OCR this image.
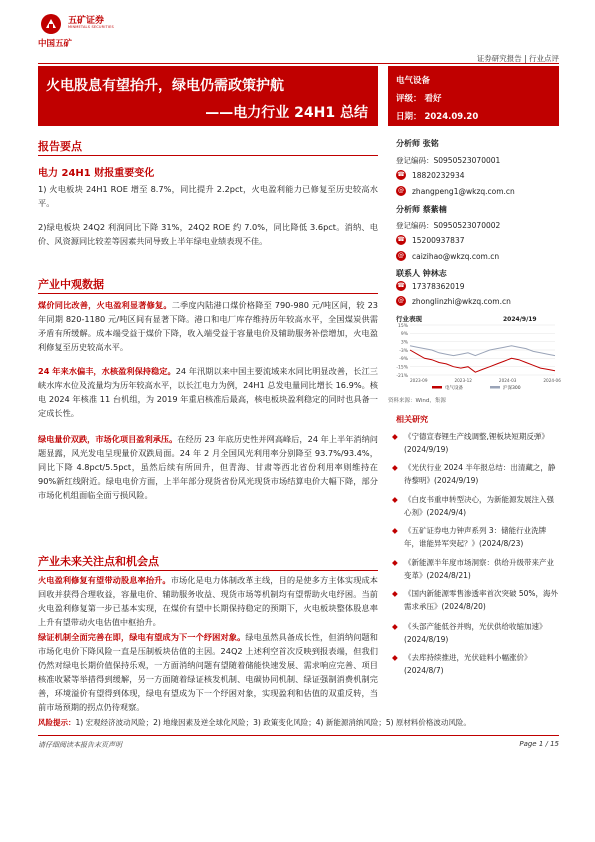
中国五矿
五矿证券
MINMETALS SECURITIES
证券研究报告 | 行业点评
火电股息有望抬升，绿电仍需政策护航
——电力行业 24H1 总结
电气设备
评级： 看好
日期： 2024.09.20
报告要点
电力 24H1 财报重要变化

1) 火电板块 24H1 ROE 增至 8.7%，同比提升 2.2pct，火电盈利能力已修复至历史较高水平。

2)绿电板块 24Q2 利润同比下降 31%，24Q2 ROE 约 7.0%，同比降低 3.6pct。消纳、电价、风资源同比较差等因素共同导致上半年绿电业绩表现不佳。

产业中观数据

煤价同比改善，火电盈利显著修复。二季度内陆港口煤价格降至 790-980 元/吨区间，较 23 年同期 820-1180 元/吨区间有显著下降。港口和电厂库存维持历年较高水平，全国煤炭供需矛盾有所缓解。成本端受益于煤价下降，收入端受益于容量电价及辅助服务补偿增加，火电盈利修复至历史较高水平。

24 年来水偏丰，水核盈利保持稳定。24 年汛期以来中国主要流域来水同比明显改善，长江三峡水库水位及流量均为历年较高水平，以长江电力为例，24H1 总发电量同比增长 16.9%。核电 2024 年核准 11 台机组，为 2019 年重启核准后最高，核电板块盈利稳定的同时也具备一定成长性。

绿电量价双跌，市场化项目盈利承压。在经历 23 年底历史性并网高峰后，24 年上半年消纳问题显露，风光发电呈现量价双跌局面。24 年 2 月全国风光利用率分别降至 93.7%/93.4%，同比下降 4.8pct/5.5pct，虽然后续有所回升，但青海、甘肃等西北省份利用率则维持在 90%新红线附近。绿电电价方面，上半年部分现货省份风光现货市场结算电价大幅下降，部分市场化机组面临全面亏损风险。

产业未来关注点和机会点

火电盈利修复有望带动股息率抬升。市场化是电力体制改革主线，目的是使多方主体实现成本回收并获得合理收益，容量电价、辅助服务收益、现货市场等机制均有望帮助火电纾困。当前火电盈利修复第一步已基本实现，在煤价有望中长期保持稳定的预期下，火电板块整体股息率上升有望带动火电估值中枢抬升。

绿证机制全面完善在即，绿电有望成为下一个纾困对象。绿电虽然具备成长性，但消纳问题和市场化电价下降风险一直是压制板块估值的主因。24Q2 上述利空首次反映到报表端，但我们仍然对绿电长期价值保持乐观，一方面消纳问题有望随着储能快速发展、需求响应完善、项目核准收紧等举措得到缓解，另一方面随着绿证核发机制、电碳协同机制、绿证强制消费机制完善，环境溢价有望得到体现，绿电有望成为下一个纾困对象，实现盈利和估值的双重反转，当前市场预期的拐点仍待观察。

分析师 张铭
登记编码：S0950523070001
☎ 18820232934
@ zhangpeng1@wkzq.com.cn
分析师 蔡紫楠
登记编码：S0950523070002
☎ 15200937837
@ caizihao@wkzq.com.cn
联系人 钟林志
☎ 17378362019
@ zhonglinzhi@wkzq.com.cn
行业表现	2024/9/19
15%
9%
3%
-3%
-9%
-15%
-21%
2023-09	2023-12	2024-03	2024-06
电气设备	沪深300
资料来源：Wind，集源
相关研究
◆ 《宁德宣春锂生产线调整,锂板块短期反弹》(2024/9/19)
◆ 《光伏行业 2024 半年报总结：出清藏之，静待黎明》(2024/9/19)
◆ 《白皮书重申转型决心，为新能源发展注入强心剂》(2024/9/4)
◆ 《五矿证券电力钟声系列 3：储能行业洗牌年，谁能异军突起？》(2024/8/23)
◆ 《新能源半年度市场洞察：供给升级带来产业变革》(2024/8/21)
◆ 《国内新能源零售渗透率首次突破 50%，海外需求承压》(2024/8/20)
◆ 《头部产能低谷并购，光伏供给收缩加速》(2024/8/19)
◆ 《去库持续推进，光伏硅料小幅涨价》(2024/8/7)
风险提示：1) 宏观经济波动风险；2) 地缘因素及逆全球化风险；3) 政策变化风险；4) 新能源消纳风险；5) 原材料价格波动风险。
请仔细阅读本报告末页声明	Page 1 / 15
